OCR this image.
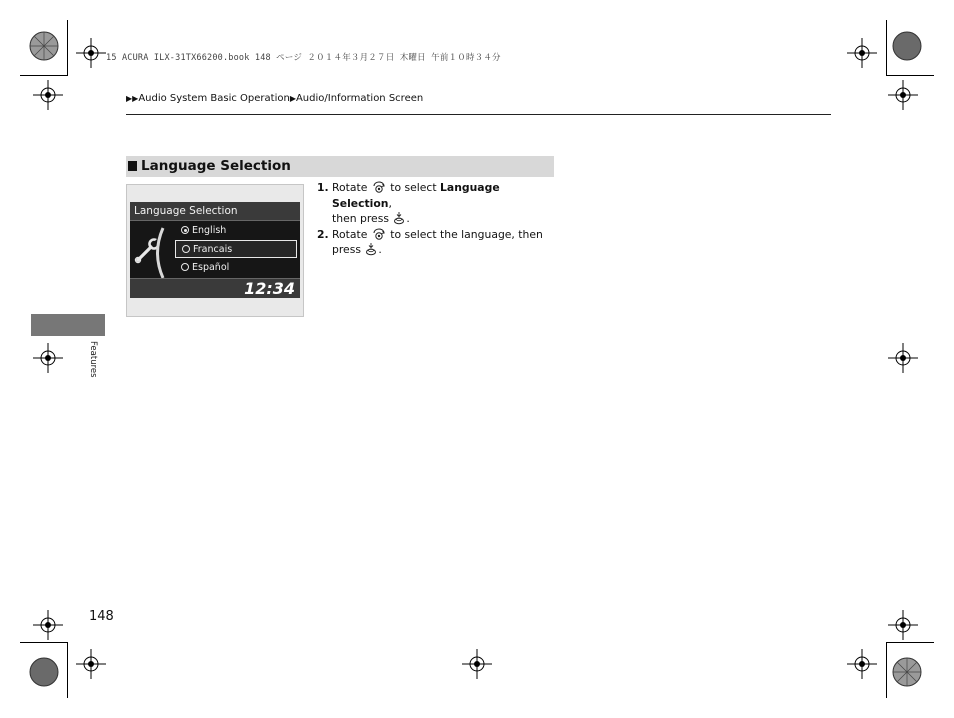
15 ACURA ILX-31TX66200.book 148 ページ ２０１４年３月２７日 木曜日 午前１０時３４分
▶▶Audio System Basic Operation▶Audio/Information Screen
Language Selection
Language Selection
English
Francais
Español
12:34
1. Rotate to select Language Selection,
then press .
2. Rotate to select the language, then
press .
Features
148
